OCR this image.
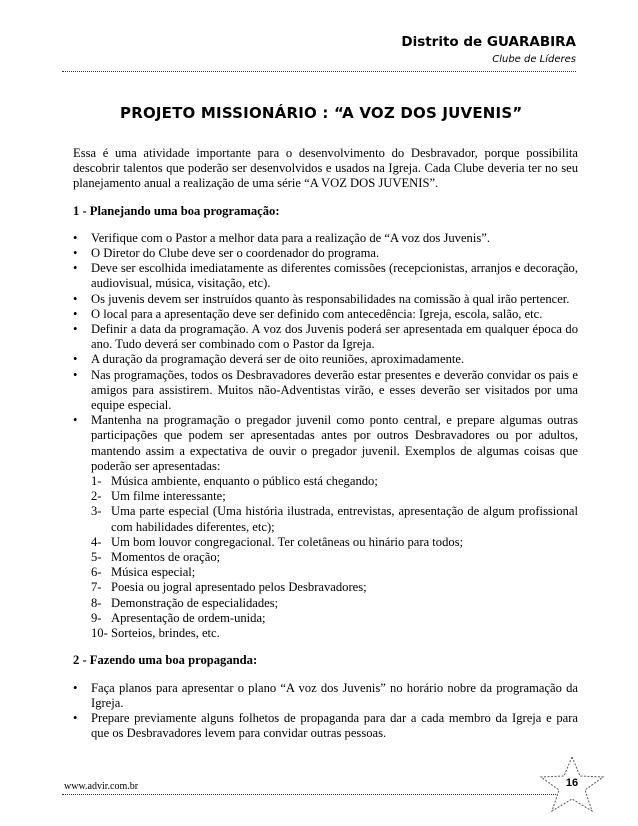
Distrito de GUARABIRA
Clube de Líderes
PROJETO MISSIONÁRIO : “A VOZ DOS JUVENIS”

Essa é uma atividade importante para o desenvolvimento do Desbravador, porque possibilita descobrir talentos que poderão ser desenvolvidos e usados na Igreja. Cada Clube deveria ter no seu planejamento anual a realização de uma série “A VOZ DOS JUVENIS”.

1 - Planejando uma boa programação:

• Verifique com o Pastor a melhor data para a realização de “A voz dos Juvenis”.
• O Diretor do Clube deve ser o coordenador do programa.
• Deve ser escolhida imediatamente as diferentes comissões (recepcionistas, arranjos e decoração, audiovisual, música, visitação, etc).
• Os juvenis devem ser instruídos quanto às responsabilidades na comissão à qual irão pertencer.
• O local para a apresentação deve ser definido com antecedência: Igreja, escola, salão, etc.
• Definir a data da programação. A voz dos Juvenis poderá ser apresentada em qualquer época do ano. Tudo deverá ser combinado com o Pastor da Igreja.
• A duração da programação deverá ser de oito reuniões, aproximadamente.
• Nas programações, todos os Desbravadores deverão estar presentes e deverão convidar os pais e amigos para assistirem. Muitos não-Adventistas virão, e esses deverão ser visitados por uma equipe especial.
• Mantenha na programação o pregador juvenil como ponto central, e prepare algumas outras participações que podem ser apresentadas antes por outros Desbravadores ou por adultos, mantendo assim a expectativa de ouvir o pregador juvenil. Exemplos de algumas coisas que poderão ser apresentadas:
1- Música ambiente, enquanto o público está chegando;
2- Um filme interessante;
3- Uma parte especial (Uma história ilustrada, entrevistas, apresentação de algum profissional com habilidades diferentes, etc);
4- Um bom louvor congregacional. Ter coletâneas ou hinário para todos;
5- Momentos de oração;
6- Música especial;
7- Poesia ou jogral apresentado pelos Desbravadores;
8- Demonstração de especialidades;
9- Apresentação de ordem-unida;
10- Sorteios, brindes, etc.

2 - Fazendo uma boa propaganda:

• Faça planos para apresentar o plano “A voz dos Juvenis” no horário nobre da programação da Igreja.
• Prepare previamente alguns folhetos de propaganda para dar a cada membro da Igreja e para que os Desbravadores levem para convidar outras pessoas.
www.advir.com.br	16
